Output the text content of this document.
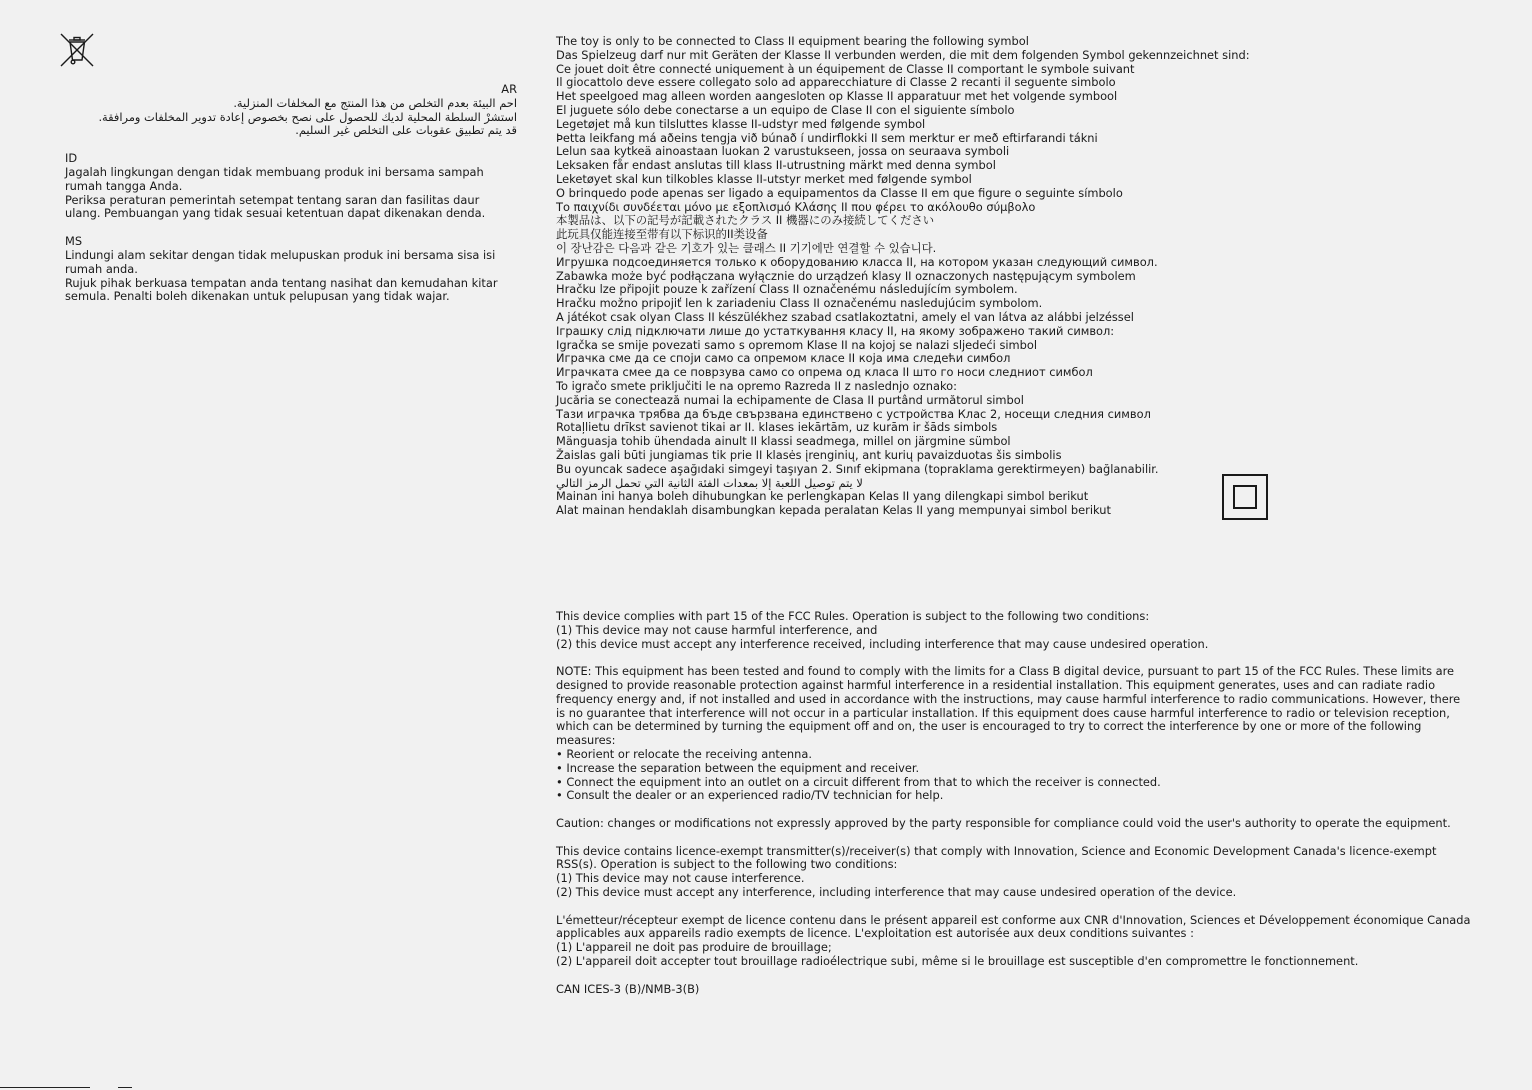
AR
احم البيئة بعدم التخلص من هذا المنتج مع المخلفات المنزلية.
استشرْ السلطة المحلية لديك للحصول على نصح بخصوص إعادة تدوير المخلفات ومرافقة.
قد يتم تطبيق عقوبات على التخلص غير السليم.
ID
Jagalah lingkungan dengan tidak membuang produk ini bersama sampah rumah tangga Anda.
Periksa peraturan pemerintah setempat tentang saran dan fasilitas daur ulang. Pembuangan yang tidak sesuai ketentuan dapat dikenakan denda.
MS
Lindungi alam sekitar dengan tidak melupuskan produk ini bersama sisa isi rumah anda.
Rujuk pihak berkuasa tempatan anda tentang nasihat dan kemudahan kitar semula. Penalti boleh dikenakan untuk pelupusan yang tidak wajar.
The toy is only to be connected to Class II equipment bearing the following symbol
Das Spielzeug darf nur mit Geräten der Klasse II verbunden werden, die mit dem folgenden Symbol gekennzeichnet sind:
Ce jouet doit être connecté uniquement à un équipement de Classe II comportant le symbole suivant
Il giocattolo deve essere collegato solo ad apparecchiature di Classe 2 recanti il seguente simbolo
Het speelgoed mag alleen worden aangesloten op Klasse II apparatuur met het volgende symbool
El juguete sólo debe conectarse a un equipo de Clase II con el siguiente símbolo
Legetøjet må kun tilsluttes klasse II-udstyr med følgende symbol
Þetta leikfang má aðeins tengja við búnað í undirflokki II sem merktur er með eftirfarandi tákni
Lelun saa kytkeä ainoastaan luokan 2 varustukseen, jossa on seuraava symboli
Leksaken får endast anslutas till klass II-utrustning märkt med denna symbol
Leketøyet skal kun tilkobles klasse II-utstyr merket med følgende symbol
O brinquedo pode apenas ser ligado a equipamentos da Classe II em que figure o seguinte símbolo
Το παιχνίδι συνδέεται μόνο με εξοπλισμό Κλάσης II που φέρει το ακόλουθο σύμβολο
本製品は、以下の記号が記載されたクラス II 機器にのみ接続してください
此玩具仅能连接至带有以下标识的II类设备
이 장난감은 다음과 같은 기호가 있는 클래스 II 기기에만 연결할 수 있습니다.
Игрушка подсоединяется только к оборудованию класса II, на котором указан следующий символ.
Zabawka może być podłączana wyłącznie do urządzeń klasy II oznaczonych następującym symbolem
Hračku lze připojit pouze k zařízení Class II označenému následujícím symbolem.
Hračku možno pripojiť len k zariadeniu Class II označenému nasledujúcim symbolom.
A játékot csak olyan Class II készülékhez szabad csatlakoztatni, amely el van látva az alábbi jelzéssel
Іграшку слід підключати лише до устаткування класу II, на якому зображено такий символ:
Igračka se smije povezati samo s opremom Klase II na kojoj se nalazi sljedeći simbol
Играчка сме да се споји само са опремом класе II која има следећи симбол
Играчката смее да се поврзува само со опрема од класа II што го носи следниот симбол
To igračo smete priključiti le na opremo Razreda II z naslednjo oznako:
Jucăria se conectează numai la echipamente de Clasa II purtând următorul simbol
Тази играчка трябва да бъде свързвана единствено с устройства Клас 2, носещи следния символ
Rotaļlietu drīkst savienot tikai ar II. klases iekārtām, uz kurām ir šāds simbols
Mänguasja tohib ühendada ainult II klassi seadmega, millel on järgmine sümbol
Žaislas gali būti jungiamas tik prie II klasės įrenginių, ant kurių pavaizduotas šis simbolis
Bu oyuncak sadece aşağıdaki simgeyi taşıyan 2. Sınıf ekipmana (topraklama gerektirmeyen) bağlanabilir.
لا يتم توصيل اللعبة إلا بمعدات الفئة الثانية التي تحمل الرمز التالي
Mainan ini hanya boleh dihubungkan ke perlengkapan Kelas II yang dilengkapi simbol berikut
Alat mainan hendaklah disambungkan kepada peralatan Kelas II yang mempunyai simbol berikut

This device complies with part 15 of the FCC Rules. Operation is subject to the following two conditions:
(1) This device may not cause harmful interference, and
(2) this device must accept any interference received, including interference that may cause undesired operation.

NOTE: This equipment has been tested and found to comply with the limits for a Class B digital device, pursuant to part 15 of the FCC Rules. These limits are designed to provide reasonable protection against harmful interference in a residential installation. This equipment generates, uses and can radiate radio frequency energy and, if not installed and used in accordance with the instructions, may cause harmful interference to radio communications. However, there is no guarantee that interference will not occur in a particular installation. If this equipment does cause harmful interference to radio or television reception, which can be determined by turning the equipment off and on, the user is encouraged to try to correct the interference by one or more of the following measures:
• Reorient or relocate the receiving antenna.
• Increase the separation between the equipment and receiver.
• Connect the equipment into an outlet on a circuit different from that to which the receiver is connected.
• Consult the dealer or an experienced radio/TV technician for help.

Caution: changes or modifications not expressly approved by the party responsible for compliance could void the user's authority to operate the equipment.

This device contains licence-exempt transmitter(s)/receiver(s) that comply with Innovation, Science and Economic Development Canada's licence-exempt RSS(s). Operation is subject to the following two conditions:
(1) This device may not cause interference.
(2) This device must accept any interference, including interference that may cause undesired operation of the device.

L'émetteur/récepteur exempt de licence contenu dans le présent appareil est conforme aux CNR d'Innovation, Sciences et Développement économique Canada applicables aux appareils radio exempts de licence. L'exploitation est autorisée aux deux conditions suivantes :
(1) L'appareil ne doit pas produire de brouillage;
(2) L'appareil doit accepter tout brouillage radioélectrique subi, même si le brouillage est susceptible d'en compromettre le fonctionnement.

CAN ICES-3 (B)/NMB-3(B)
